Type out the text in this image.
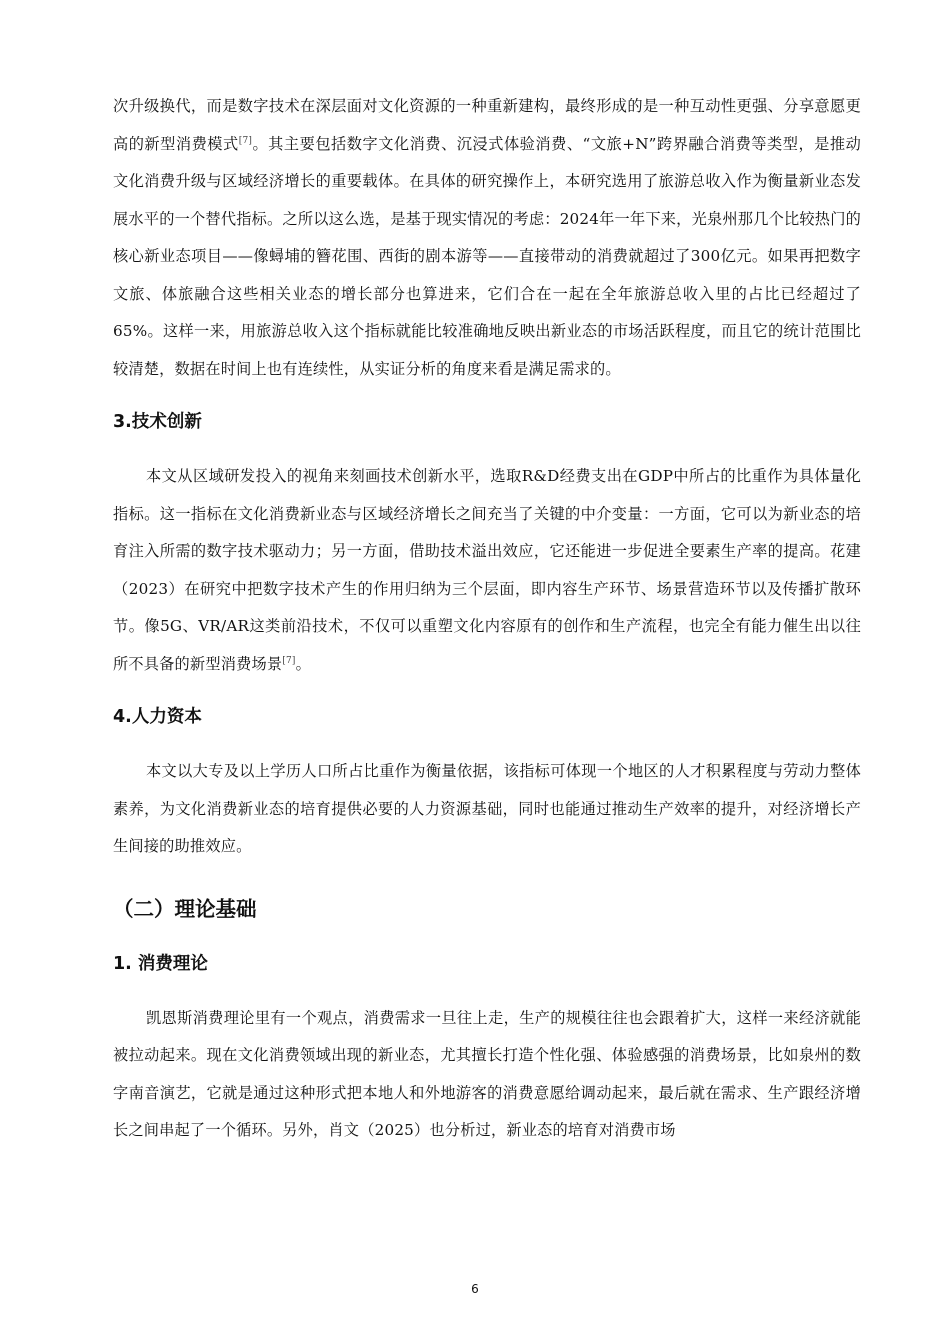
次升级换代，而是数字技术在深层面对文化资源的一种重新建构，最终形成的是一种互动性更强、分享意愿更高的新型消费模式[7]。其主要包括数字文化消费、沉浸式体验消费、“文旅+N”跨界融合消费等类型，是推动文化消费升级与区域经济增长的重要载体。在具体的研究操作上，本研究选用了旅游总收入作为衡量新业态发展水平的一个替代指标。之所以这么选，是基于现实情况的考虑：2024年一年下来，光泉州那几个比较热门的核心新业态项目——像蟳埔的簪花围、西街的剧本游等——直接带动的消费就超过了300亿元。如果再把数字文旅、体旅融合这些相关业态的增长部分也算进来，它们合在一起在全年旅游总收入里的占比已经超过了65%。这样一来，用旅游总收入这个指标就能比较准确地反映出新业态的市场活跃程度，而且它的统计范围比较清楚，数据在时间上也有连续性，从实证分析的角度来看是满足需求的。

3.技术创新

本文从区域研发投入的视角来刻画技术创新水平，选取R&D经费支出在GDP中所占的比重作为具体量化指标。这一指标在文化消费新业态与区域经济增长之间充当了关键的中介变量：一方面，它可以为新业态的培育注入所需的数字技术驱动力；另一方面，借助技术溢出效应，它还能进一步促进全要素生产率的提高。花建（2023）在研究中把数字技术产生的作用归纳为三个层面，即内容生产环节、场景营造环节以及传播扩散环节。像5G、VR/AR这类前沿技术，不仅可以重塑文化内容原有的创作和生产流程，也完全有能力催生出以往所不具备的新型消费场景[7]。

4.人力资本

本文以大专及以上学历人口所占比重作为衡量依据，该指标可体现一个地区的人才积累程度与劳动力整体素养，为文化消费新业态的培育提供必要的人力资源基础，同时也能通过推动生产效率的提升，对经济增长产生间接的助推效应。

（二）理论基础
1. 消费理论

凯恩斯消费理论里有一个观点，消费需求一旦往上走，生产的规模往往也会跟着扩大，这样一来经济就能被拉动起来。现在文化消费领域出现的新业态，尤其擅长打造个性化强、体验感强的消费场景，比如泉州的数字南音演艺，它就是通过这种形式把本地人和外地游客的消费意愿给调动起来，最后就在需求、生产跟经济增长之间串起了一个循环。另外，肖文（2025）也分析过，新业态的培育对消费市场

6
